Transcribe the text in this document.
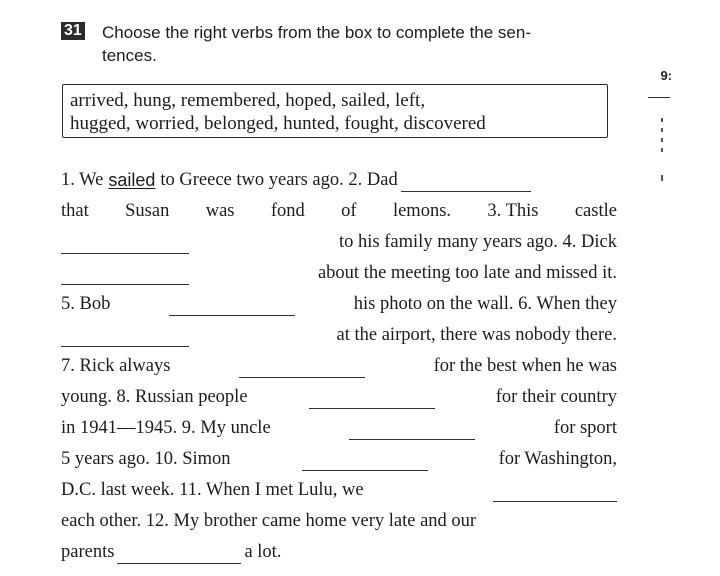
31 Choose the right verbs from the box to complete the sen-
tences.
arrived, hung, remembered, hoped, sailed, left,
hugged, worried, belonged, hunted, fought, discovered
1. We sailed to Greece two years ago. 2. Dad
that Susan was fond of lemons. 3. This castle
to his family many years ago. 4. Dick
about the meeting too late and missed it.
5. Bob	his photo on the wall. 6. When they
at the airport, there was nobody there.
7. Rick always	for the best when he was
young. 8. Russian people	for their country
in 1941—1945. 9. My uncle	for sport
5 years ago. 10. Simon	for Washington,
D.C. last week. 11. When I met Lulu, we
each other. 12. My brother came home very late and our
parents	a lot.
9:
